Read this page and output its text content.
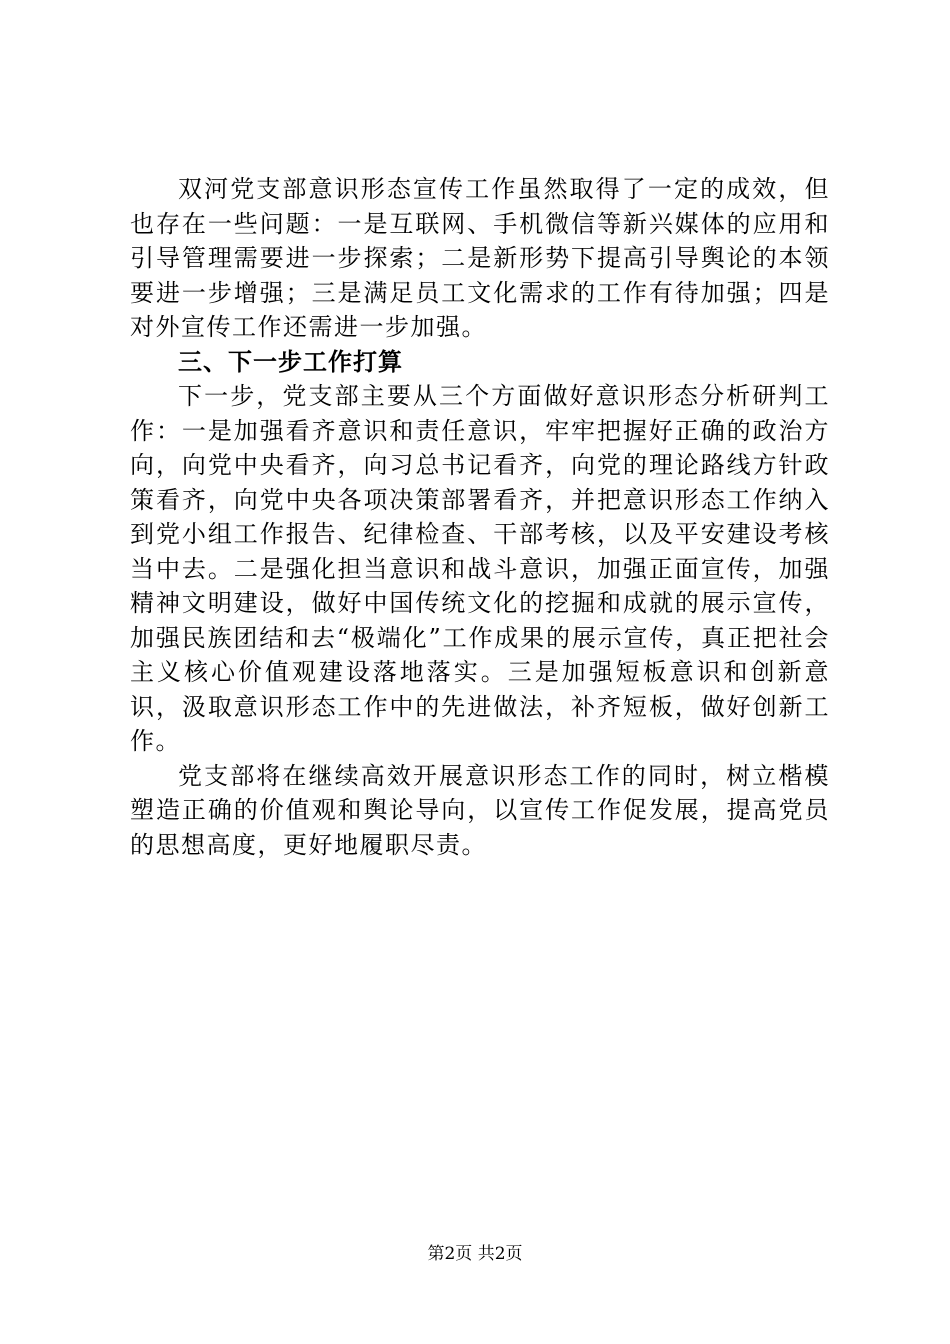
双河党支部意识形态宣传工作虽然取得了一定的成效，但也存在一些问题：一是互联网、手机微信等新兴媒体的应用和引导管理需要进一步探索；二是新形势下提高引导舆论的本领要进一步增强；三是满足员工文化需求的工作有待加强；四是对外宣传工作还需进一步加强。

三、下一步工作打算

下一步，党支部主要从三个方面做好意识形态分析研判工作：一是加强看齐意识和责任意识，牢牢把握好正确的政治方向，向党中央看齐，向习总书记看齐，向党的理论路线方针政策看齐，向党中央各项决策部署看齐，并把意识形态工作纳入到党小组工作报告、纪律检查、干部考核，以及平安建设考核当中去。二是强化担当意识和战斗意识，加强正面宣传，加强精神文明建设，做好中国传统文化的挖掘和成就的展示宣传，加强民族团结和去“极端化”工作成果的展示宣传，真正把社会主义核心价值观建设落地落实。三是加强短板意识和创新意识，汲取意识形态工作中的先进做法，补齐短板，做好创新工作。

党支部将在继续高效开展意识形态工作的同时，树立楷模塑造正确的价值观和舆论导向，以宣传工作促发展，提高党员的思想高度，更好地履职尽责。

第2页 共2页
